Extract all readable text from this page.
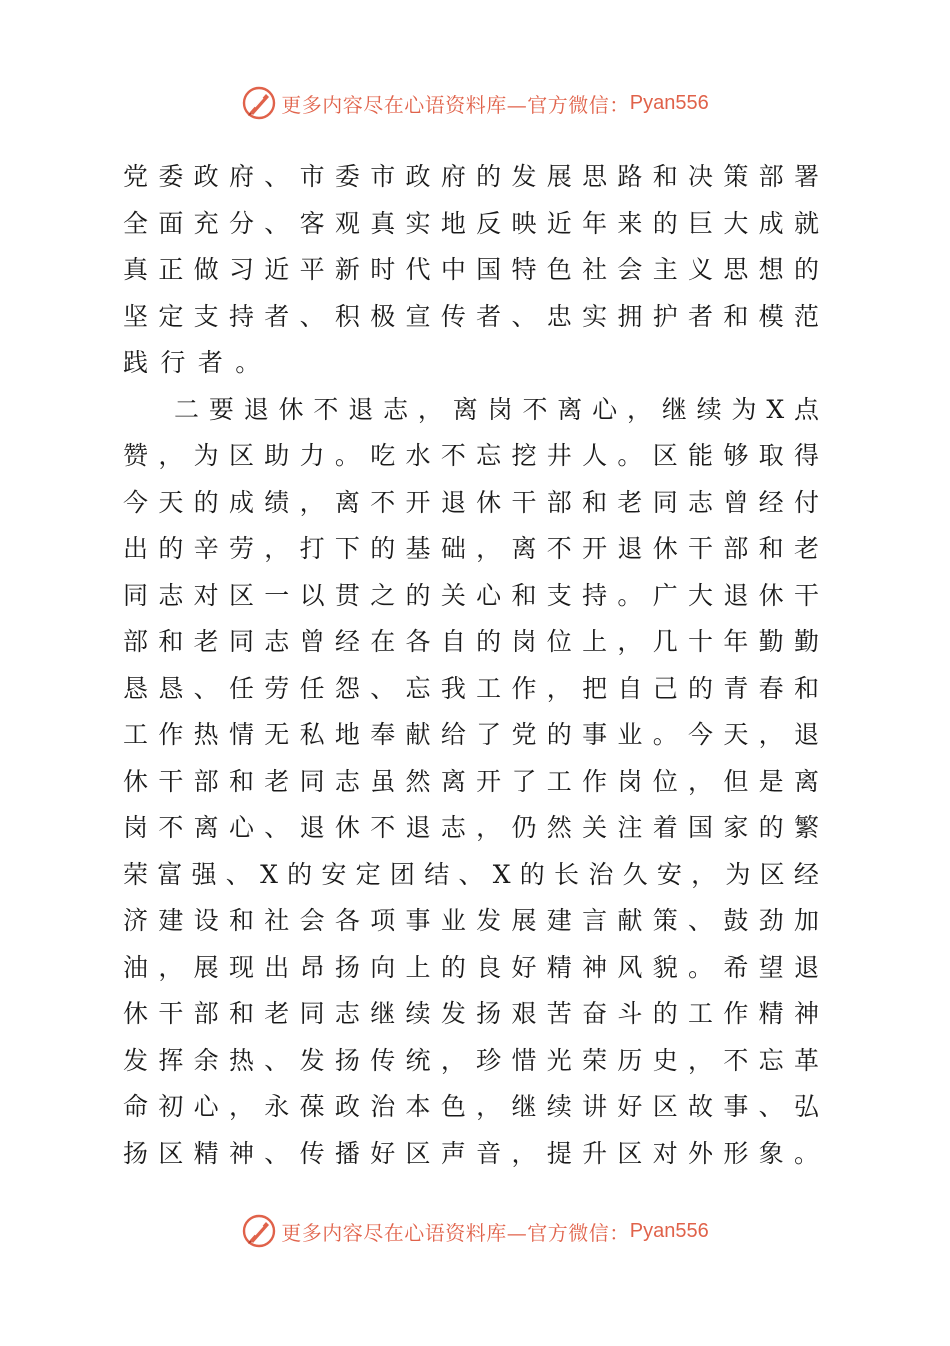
更多内容尽在心语资料库—官方微信： Pyan556
党 委 政 府 、 市 委 市 政 府 的 发 展 思 路 和 决 策 部 署
全 面 充 分 、 客 观 真 实 地 反 映 近 年 来 的 巨 大 成 就
真 正 做 习 近 平 新 时 代 中 国 特 色 社 会 主 义 思 想 的
坚 定 支 持 者 、 积 极 宣 传 者 、 忠 实 拥 护 者 和 模 范
践 行 者 。
二 要 退 休 不 退 志 ， 离 岗 不 离 心 ， 继 续 为 X 点
赞 ， 为 区 助 力 。 吃 水 不 忘 挖 井 人 。 区 能 够 取 得
今 天 的 成 绩 ， 离 不 开 退 休 干 部 和 老 同 志 曾 经 付
出 的 辛 劳 ， 打 下 的 基 础 ， 离 不 开 退 休 干 部 和 老
同 志 对 区 一 以 贯 之 的 关 心 和 支 持 。 广 大 退 休 干
部 和 老 同 志 曾 经 在 各 自 的 岗 位 上 ， 几 十 年 勤 勤
恳 恳 、 任 劳 任 怨 、 忘 我 工 作 ， 把 自 己 的 青 春 和
工 作 热 情 无 私 地 奉 献 给 了 党 的 事 业 。 今 天 ， 退
休 干 部 和 老 同 志 虽 然 离 开 了 工 作 岗 位 ， 但 是 离
岗 不 离 心 、 退 休 不 退 志 ， 仍 然 关 注 着 国 家 的 繁
荣 富 强 、 X 的 安 定 团 结 、 X 的 长 治 久 安 ， 为 区 经
济 建 设 和 社 会 各 项 事 业 发 展 建 言 献 策 、 鼓 劲 加
油 ， 展 现 出 昂 扬 向 上 的 良 好 精 神 风 貌 。 希 望 退
休 干 部 和 老 同 志 继 续 发 扬 艰 苦 奋 斗 的 工 作 精 神
发 挥 余 热 、 发 扬 传 统 ， 珍 惜 光 荣 历 史 ， 不 忘 革
命 初 心 ， 永 葆 政 治 本 色 ， 继 续 讲 好 区 故 事 、 弘
扬 区 精 神 、 传 播 好 区 声 音 ， 提 升 区 对 外 形 象 。
更多内容尽在心语资料库—官方微信： Pyan556
